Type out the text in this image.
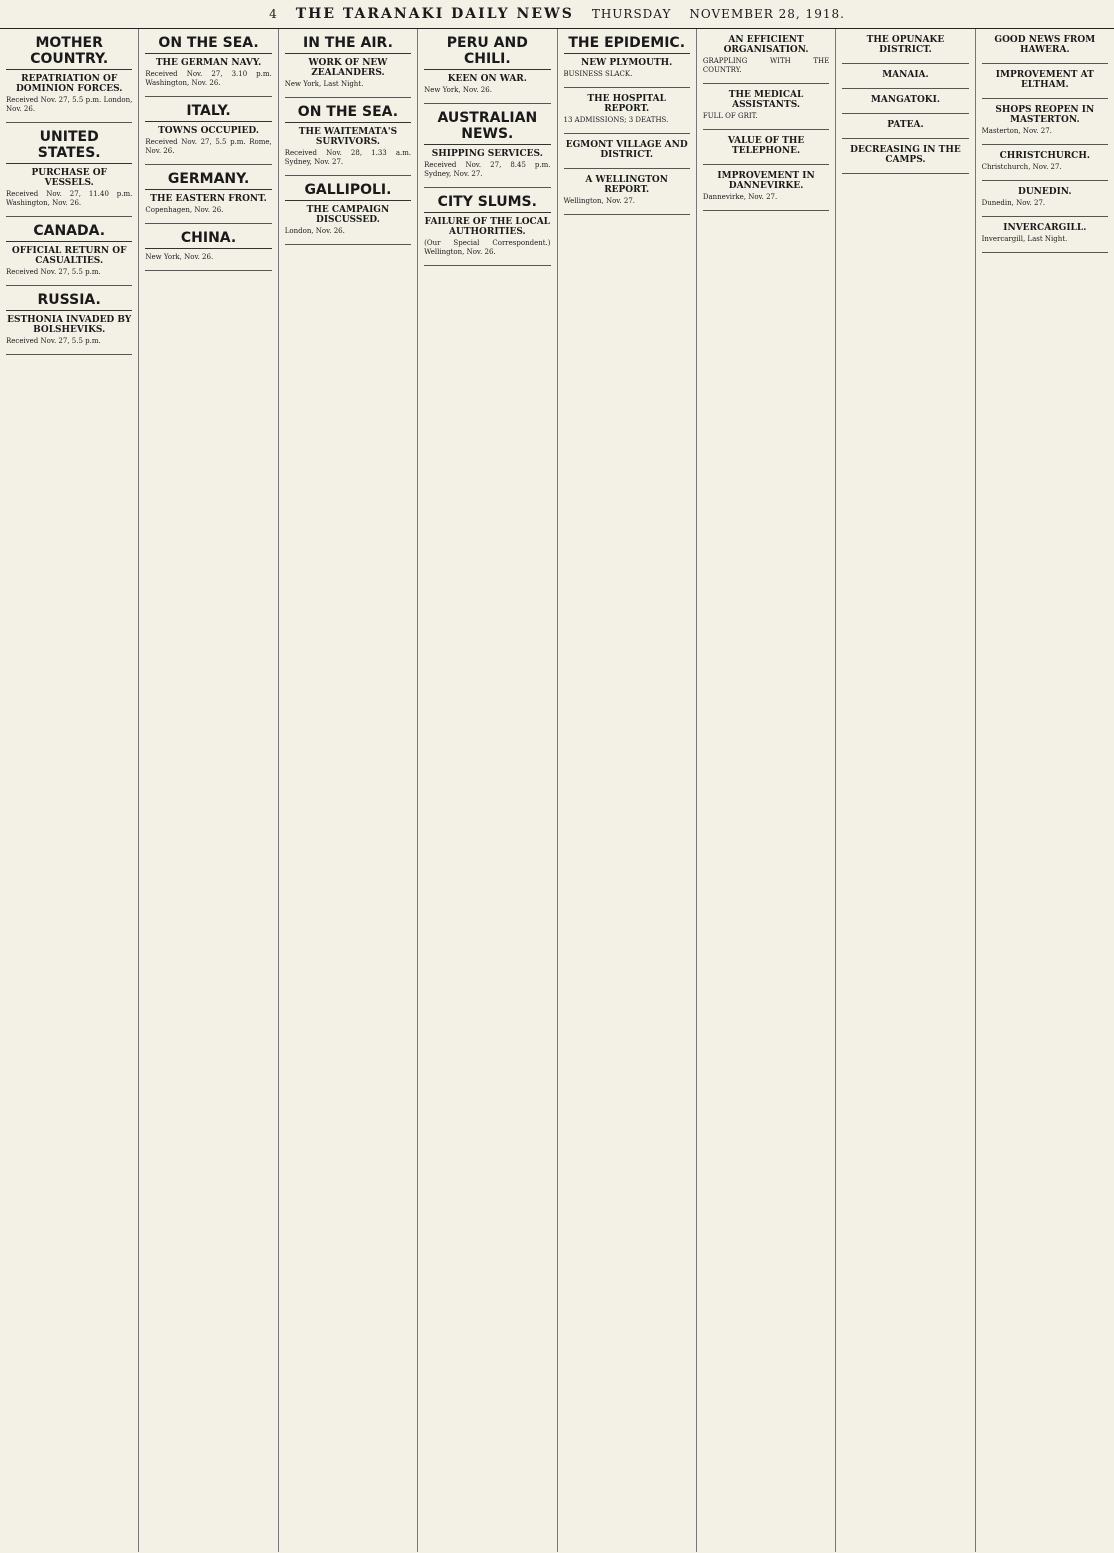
4 THE TARANAKI DAILY NEWS THURSDAY NOVEMBER 28, 1918.
MOTHER COUNTRY.
REPATRIATION OF DOMINION FORCES.
Received Nov. 27, 5.5 p.m. London, Nov. 26.
UNITED STATES.
PURCHASE OF VESSELS.
Received Nov. 27, 11.40 p.m. Washington, Nov. 26.
CANADA.
OFFICIAL RETURN OF CASUALTIES.
Received Nov. 27, 5.5 p.m.
RUSSIA.
ESTHONIA INVADED BY BOLSHEVIKS.
Received Nov. 27, 5.5 p.m.
ON THE SEA.
THE GERMAN NAVY.
Received Nov. 27, 3.10 p.m. Washington, Nov. 26.
ITALY.
TOWNS OCCUPIED.
Received Nov. 27, 5.5 p.m. Rome, Nov. 26.
GERMANY.
THE EASTERN FRONT.
Copenhagen, Nov. 26.
CHINA.
New York, Nov. 26.
IN THE AIR.
WORK OF NEW ZEALANDERS.
New York, Last Night.
ON THE SEA.
THE WAITEMATA'S SURVIVORS.
Received Nov. 28, 1.33 a.m. Sydney, Nov. 27.
GALLIPOLI.
THE CAMPAIGN DISCUSSED.
London, Nov. 26.
PERU AND CHILI.
KEEN ON WAR.
New York, Nov. 26.
AUSTRALIAN NEWS.
SHIPPING SERVICES.
Received Nov. 27, 8.45 p.m. Sydney, Nov. 27.
CITY SLUMS.
FAILURE OF THE LOCAL AUTHORITIES.
(Our Special Correspondent.) Wellington, Nov. 26.
THE EPIDEMIC.
NEW PLYMOUTH.
BUSINESS SLACK.
THE HOSPITAL REPORT.
13 ADMISSIONS; 3 DEATHS.
EGMONT VILLAGE AND DISTRICT.
A WELLINGTON REPORT.
Wellington, Nov. 27.
AN EFFICIENT ORGANISATION.
GRAPPLING WITH THE COUNTRY.
THE MEDICAL ASSISTANTS.
FULL OF GRIT.
VALUE OF THE TELEPHONE.
IMPROVEMENT IN DANNEVIRKE.
Dannevirke, Nov. 27.
THE OPUNAKE DISTRICT.
MANAIA.
MANGATOKI.
PATEA.
DECREASING IN THE CAMPS.
GOOD NEWS FROM HAWERA.
IMPROVEMENT AT ELTHAM.
SHOPS REOPEN IN MASTERTON.
Masterton, Nov. 27.
CHRISTCHURCH.
Christchurch, Nov. 27.
DUNEDIN.
Dunedin, Nov. 27.
INVERCARGILL.
Invercargill, Last Night.
